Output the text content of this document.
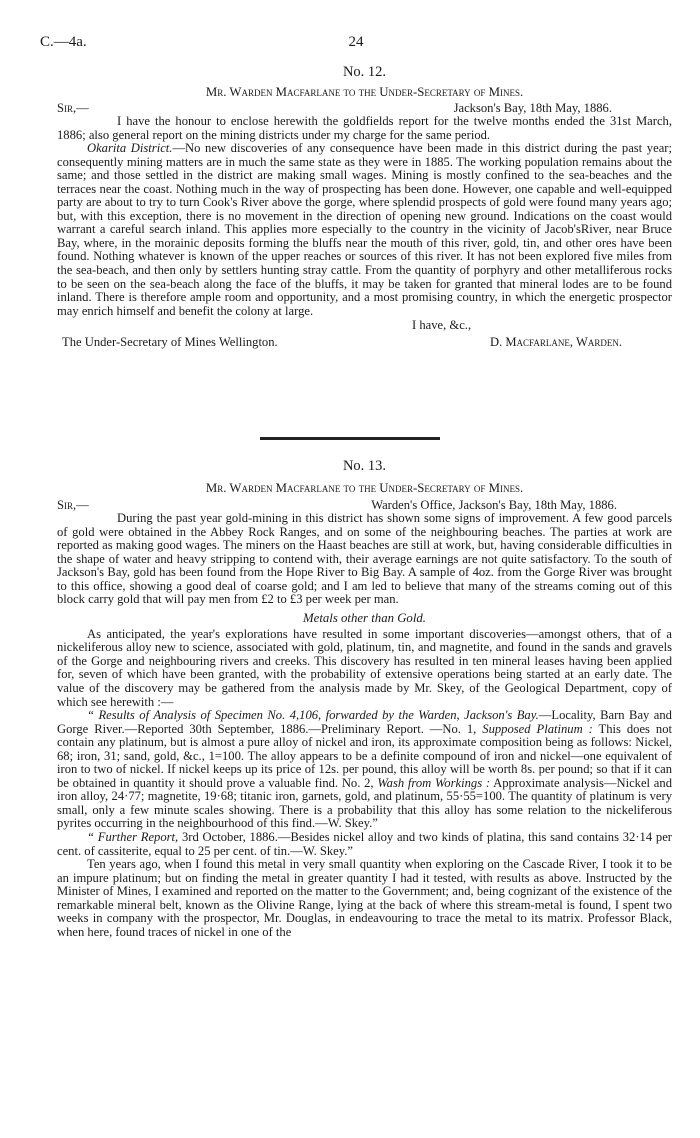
C.—4a.	24

No. 12.

Mr. Warden Macfarlane to the Under-Secretary of Mines.

Sir,—	Jackson's Bay, 18th May, 1886.

I have the honour to enclose herewith the goldfields report for the twelve months ended the 31st March, 1886; also general report on the mining districts under my charge for the same period.

Okarita District.—No new discoveries of any consequence have been made in this district during the past year; consequently mining matters are in much the same state as they were in 1885. The working population remains about the same; and those settled in the district are making small wages. Mining is mostly confined to the sea-beaches and the terraces near the coast. Nothing much in the way of prospecting has been done. However, one capable and well-equipped party are about to try to turn Cook's River above the gorge, where splendid prospects of gold were found many years ago; but, with this exception, there is no movement in the direction of opening new ground. Indications on the coast would warrant a careful search inland. This applies more especially to the country in the vicinity of Jacob'sRiver, near Bruce Bay, where, in the morainic deposits forming the bluffs near the mouth of this river, gold, tin, and other ores have been found. Nothing whatever is known of the upper reaches or sources of this river. It has not been explored five miles from the sea-beach, and then only by settlers hunting stray cattle. From the quantity of porphyry and other metalliferous rocks to be seen on the sea-beach along the face of the bluffs, it may be taken for granted that mineral lodes are to be found inland. There is therefore ample room and opportunity, and a most promising country, in which the energetic prospector may enrich himself and benefit the colony at large.

I have, &c.,
The Under-Secretary of Mines Wellington.	D. Macfarlane, Warden.

No. 13.

Mr. Warden Macfarlane to the Under-Secretary of Mines.

Sir,—	Warden's Office, Jackson's Bay, 18th May, 1886.

During the past year gold-mining in this district has shown some signs of improvement. A few good parcels of gold were obtained in the Abbey Rock Ranges, and on some of the neighbouring beaches. The parties at work are reported as making good wages. The miners on the Haast beaches are still at work, but, having considerable difficulties in the shape of water and heavy stripping to contend with, their average earnings are not quite satisfactory. To the south of Jackson's Bay, gold has been found from the Hope River to Big Bay. A sample of 4oz. from the Gorge River was brought to this office, showing a good deal of coarse gold; and I am led to believe that many of the streams coming out of this block carry gold that will pay men from £2 to £3 per week per man.

Metals other than Gold.

As anticipated, the year's explorations have resulted in some important discoveries—amongst others, that of a nickeliferous alloy new to science, associated with gold, platinum, tin, and magnetite, and found in the sands and gravels of the Gorge and neighbouring rivers and creeks. This discovery has resulted in ten mineral leases having been applied for, seven of which have been granted, with the probability of extensive operations being started at an early date. The value of the discovery may be gathered from the analysis made by Mr. Skey, of the Geological Department, copy of which see herewith :—

“ Results of Analysis of Specimen No. 4,106, forwarded by the Warden, Jackson's Bay.—Locality, Barn Bay and Gorge River.—Reported 30th September, 1886.—Preliminary Report. —No. 1, Supposed Platinum : This does not contain any platinum, but is almost a pure alloy of nickel and iron, its approximate composition being as follows: Nickel, 68; iron, 31; sand, gold, &c., 1=100. The alloy appears to be a definite compound of iron and nickel—one equivalent of iron to two of nickel. If nickel keeps up its price of 12s. per pound, this alloy will be worth 8s. per pound; so that if it can be obtained in quantity it should prove a valuable find. No. 2, Wash from Workings : Approximate analysis—Nickel and iron alloy, 24·77; magnetite, 19·68; titanic iron, garnets, gold, and platinum, 55·55=100. The quantity of platinum is very small, only a few minute scales showing. There is a probability that this alloy has some relation to the nickeliferous pyrites occurring in the neighbourhood of this find.—W. Skey.”

“ Further Report, 3rd October, 1886.—Besides nickel alloy and two kinds of platina, this sand contains 32·14 per cent. of cassiterite, equal to 25 per cent. of tin.—W. Skey.”

Ten years ago, when I found this metal in very small quantity when exploring on the Cascade River, I took it to be an impure platinum; but on finding the metal in greater quantity I had it tested, with results as above. Instructed by the Minister of Mines, I examined and reported on the matter to the Government; and, being cognizant of the existence of the remarkable mineral belt, known as the Olivine Range, lying at the back of where this stream-metal is found, I spent two weeks in company with the prospector, Mr. Douglas, in endeavouring to trace the metal to its matrix. Professor Black, when here, found traces of nickel in one of the
